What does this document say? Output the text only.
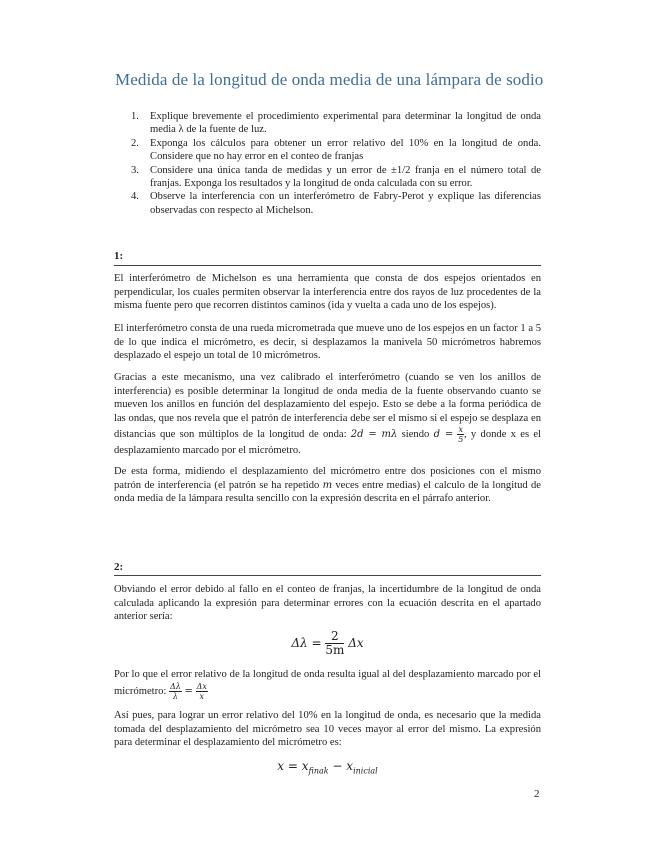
Medida de la longitud de onda media de una lámpara de sodio
1.	Explique brevemente el procedimiento experimental para determinar la longitud de onda media λ de la fuente de luz.
2.	Exponga los cálculos para obtener un error relativo del 10% en la longitud de onda. Considere que no hay error en el conteo de franjas
3.	Considere una única tanda de medidas y un error de ±1/2 franja en el número total de franjas. Exponga los resultados y la longitud de onda calculada con su error.
4.	Observe la interferencia con un interferómetro de Fabry-Perot y explique las diferencias observadas con respecto al Michelson.
1:

El interferómetro de Michelson es una herramienta que consta de dos espejos orientados en perpendicular, los cuales permiten observar la interferencia entre dos rayos de luz procedentes de la misma fuente pero que recorren distintos caminos (ida y vuelta a cada uno de los espejos).

El interferómetro consta de una rueda micrometrada que mueve uno de los espejos en un factor 1 a 5 de lo que indica el micrómetro, es decir, si desplazamos la manivela 50 micrómetros habremos desplazado el espejo un total de 10 micrómetros.

Gracias a este mecanismo, una vez calibrado el interferómetro (cuando se ven los anillos de interferencia) es posible determinar la longitud de onda media de la fuente observando cuanto se mueven los anillos en función del desplazamiento del espejo. Esto se debe a la forma periódica de las ondas, que nos revela que el patrón de interferencia debe ser el mismo si el espejo se desplaza en distancias que son múltiplos de la longitud de onda: 2d = mλ siendo $d = \frac{x}{5}$ , y donde x es el desplazamiento marcado por el micrómetro.
De esta forma, midiendo el desplazamiento del micrómetro entre dos posiciones con el mismo patrón de interferencia (el patrón se ha repetido m veces entre medias) el calculo de la longitud de onda media de la lámpara resulta sencillo con la expresión descrita en el párrafo anterior.
2:

Obviando el error debido al fallo en el conteo de franjas, la incertidumbre de la longitud de onda calculada aplicando la expresión para determinar errores con la ecuación descrita en el apartado anterior sería:

$\Delta\lambda = \frac{2}{5m}$ Δx
Por lo que el error relativo de la longitud de onda resulta igual al del desplazamiento marcado por el micrómetro: $\frac{\Delta\lambda}{\lambda} = \frac{\Delta x}{x}$

Así pues, para lograr un error relativo del 10% en la longitud de onda, es necesario que la medida tomada del desplazamiento del micrómetro sea 10 veces mayor al error del mismo. La expresión para determinar el desplazamiento del micrómetro es:

$x = x_{finak} - x_{inicial}$
2
